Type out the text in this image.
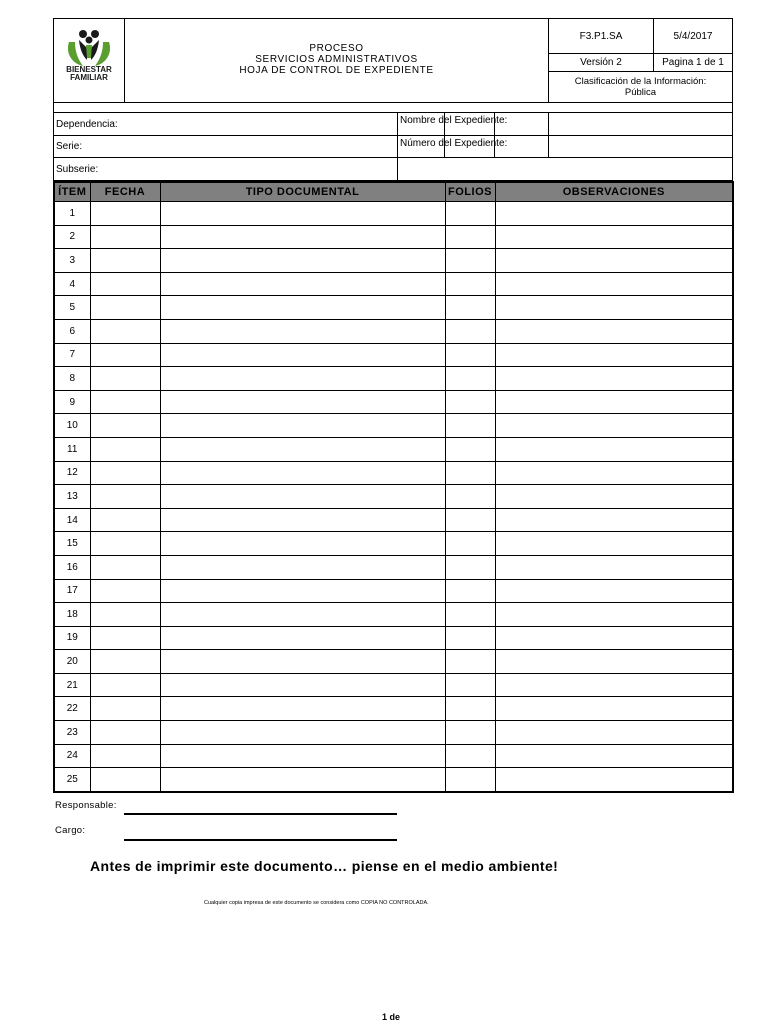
BIENESTAR
FAMILIAR
PROCESO
SERVICIOS ADMINISTRATIVOS
HOJA DE CONTROL DE EXPEDIENTE
F3.P1.SA	5/4/2017
Versión 2	Pagina 1 de 1
Clasificación de la Información:
Pública
Dependencia:
Serie:
Subserie:
Nombre del Expediente:
Número del Expediente:
ÍTEM	FECHA	TIPO DOCUMENTAL	FOLIOS	OBSERVACIONES
1				
2				
3				
4				
5				
6				
7				
8				
9				
10				
11				
12				
13				
14				
15				
16				
17				
18				
19				
20				
21				
22				
23				
24				
25				
Responsable:
Cargo:
Antes de imprimir este documento… piense en el medio ambiente!
Cualquier copia impresa de este documento se considera como COPIA NO CONTROLADA.
1 de
